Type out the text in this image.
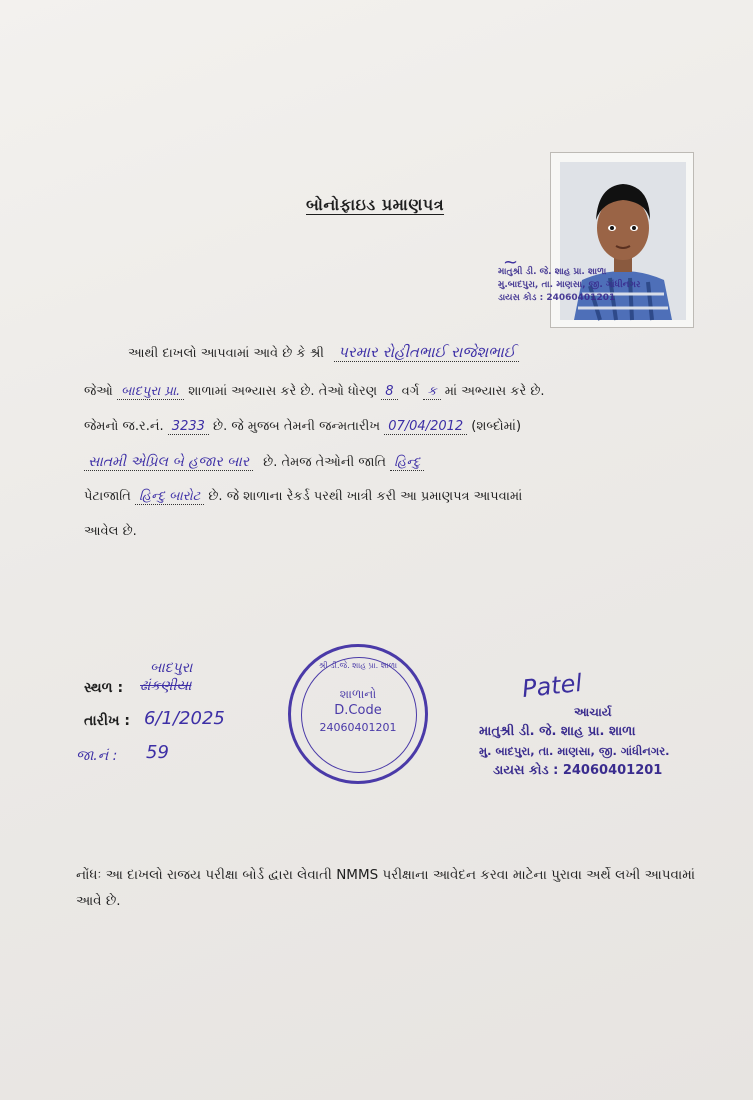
બોનોફાઇડ પ્રમાણપત્ર
માતુશ્રી ડી. જે. શાહ પ્રા. શાળા
મુ.બાદપુરા, તા. માણસા, જી. ગાંધીનગર
ડાયસ કોડ : 24060401201
~
આથી દાખલો આપવામાં આવે છે કે શ્રી પરમાર રોહીતભાઈ રાજેશભાઈ
જેઓ બાદપુરા પ્રા. શાળામાં અભ્યાસ કરે છે. તેઓ ધોરણ 8 વર્ગ ક માં અભ્યાસ કરે છે.
જેમનો જ.ર.નં. 3233 છે. જે મુજબ તેમની જન્મતારીખ 07/04/2012 (શબ્દોમાં)
સાતમી એપ્રિલ બે હજાર બાર છે. તેમજ તેઓની જાતિ હિન્દુ
પેટાજાતિ હિન્દુ બારોટ છે. જે શાળાના રેકર્ડ પરથી ખાત્રી કરી આ પ્રમાણપત્ર આપવામાં
આવેલ છે.
બાદપુરા
સ્થળ : ઢાંકણીયા
તારીખ : 6/1/2025
જા.નં : 59
શ્રી ડી.જે. શાહ પ્રા. શાળા
શાળાનો
D.Code
24060401201
Patel
આચાર્ય
માતુશ્રી ડી. જે. શાહ પ્રા. શાળા
મુ. બાદપુરા, તા. માણસા, જી. ગાંધીનગર.
ડાયસ કોડ : 24060401201
નોંધઃ આ દાખલો રાજય પરીક્ષા બોર્ડ દ્વારા લેવાતી NMMS પરીક્ષાના આવેદન કરવા માટેના પુરાવા અર્થે લખી આપવામાં આવે છે.
